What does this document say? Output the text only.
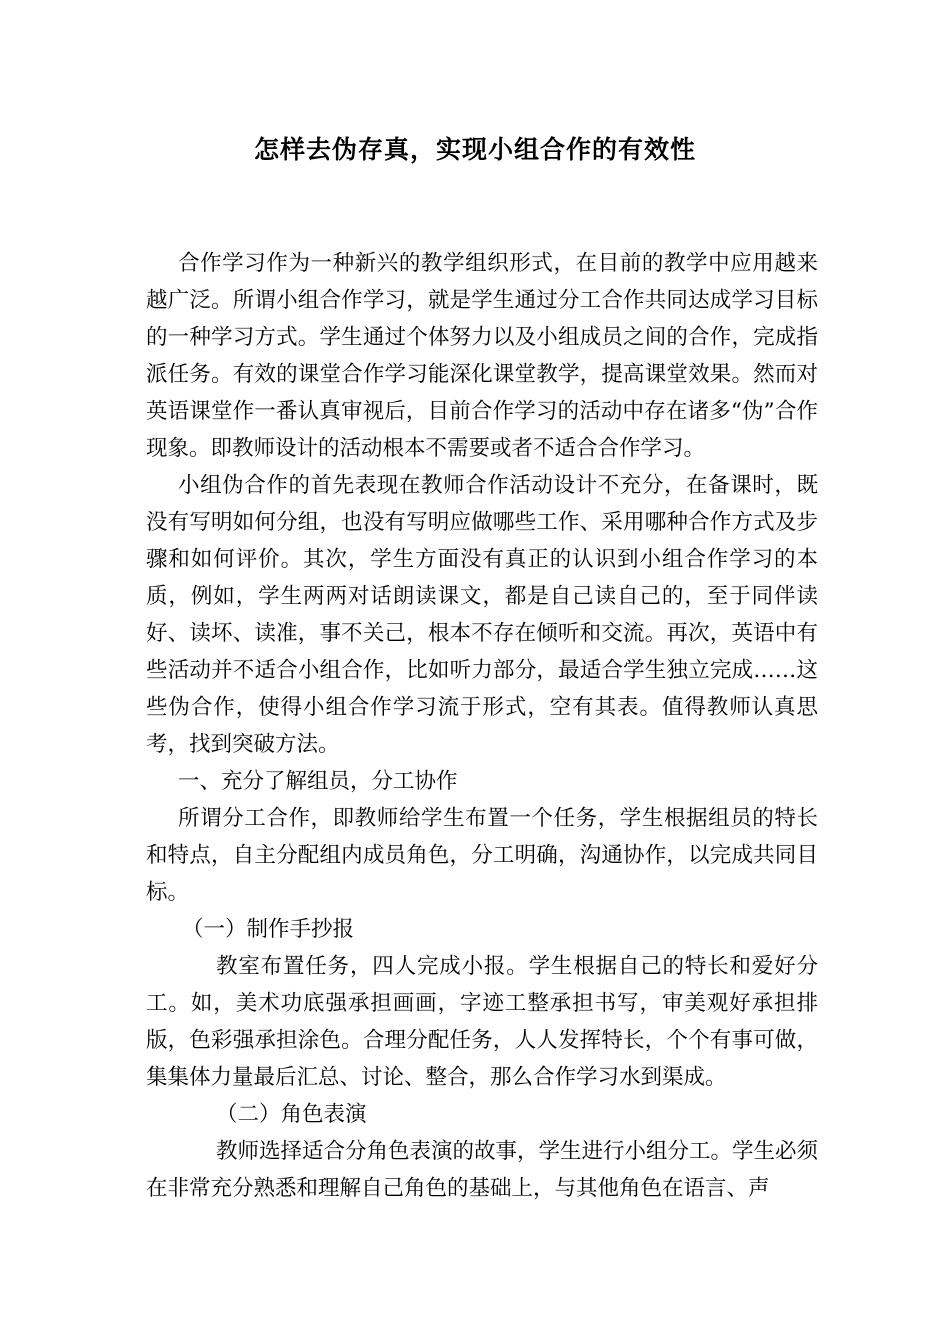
怎样去伪存真，实现小组合作的有效性

合作学习作为一种新兴的教学组织形式，在目前的教学中应用越来越广泛。所谓小组合作学习，就是学生通过分工合作共同达成学习目标的一种学习方式。学生通过个体努力以及小组成员之间的合作，完成指派任务。有效的课堂合作学习能深化课堂教学，提高课堂效果。然而对英语课堂作一番认真审视后，目前合作学习的活动中存在诸多“伪”合作现象。即教师设计的活动根本不需要或者不适合合作学习。

小组伪合作的首先表现在教师合作活动设计不充分，在备课时，既没有写明如何分组，也没有写明应做哪些工作、采用哪种合作方式及步骤和如何评价。其次，学生方面没有真正的认识到小组合作学习的本质，例如，学生两两对话朗读课文，都是自己读自己的，至于同伴读好、读坏、读准，事不关己，根本不存在倾听和交流。再次，英语中有些活动并不适合小组合作，比如听力部分，最适合学生独立完成……这些伪合作，使得小组合作学习流于形式，空有其表。值得教师认真思考，找到突破方法。

一、充分了解组员，分工协作

所谓分工合作，即教师给学生布置一个任务，学生根据组员的特长和特点，自主分配组内成员角色，分工明确，沟通协作，以完成共同目标。

（一）制作手抄报

教室布置任务，四人完成小报。学生根据自己的特长和爱好分工。如，美术功底强承担画画，字迹工整承担书写，审美观好承担排版，色彩强承担涂色。合理分配任务，人人发挥特长，个个有事可做，集集体力量最后汇总、讨论、整合，那么合作学习水到渠成。

（二）角色表演

教师选择适合分角色表演的故事，学生进行小组分工。学生必须在非常充分熟悉和理解自己角色的基础上，与其他角色在语言、声
